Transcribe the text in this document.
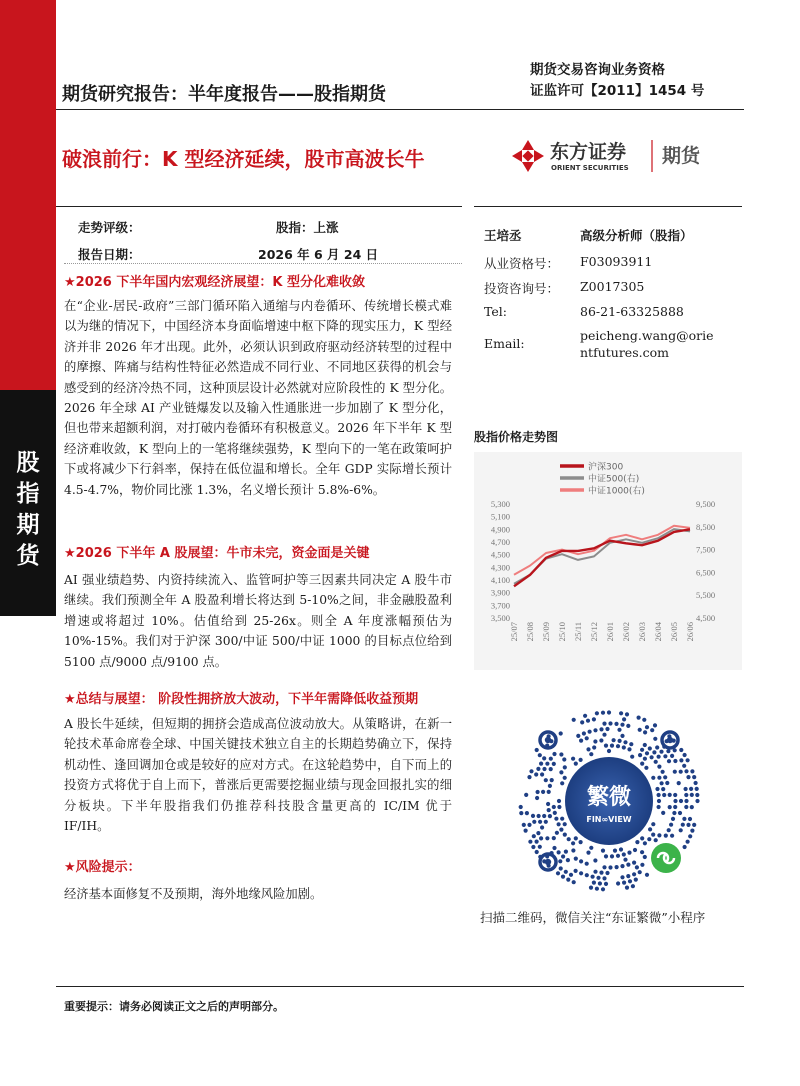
股
指
期
货
期货交易咨询业务资格
证监许可【2011】1454 号
期货研究报告：半年度报告——股指期货
破浪前行：K 型经济延续，股市高波长牛	东方证券
ORIENT SECURITIES
期货
走势评级：	股指：上涨
报告日期：	2026 年 6 月 24 日
★2026 下半年国内宏观经济展望：K 型分化难收敛

在“企业-居民-政府”三部门循环陷入通缩与内卷循环、传统增长模式难以为继的情况下，中国经济本身面临增速中枢下降的现实压力，K 型经济并非 2026 年才出现。此外，必须认识到政府驱动经济转型的过程中的摩擦、阵痛与结构性特征必然造成不同行业、不同地区获得的机会与感受到的经济冷热不同，这种顶层设计必然就对应阶段性的 K 型分化。2026 年全球 AI 产业链爆发以及输入性通胀进一步加剧了 K 型分化，但也带来超额利润，对打破内卷循环有积极意义。2026 年下半年 K 型经济难收敛，K 型向上的一笔将继续强势，K 型向下的一笔在政策呵护下或将减少下行斜率，保持在低位温和增长。全年 GDP 实际增长预计 4.5-4.7%，物价同比涨 1.3%，名义增长预计 5.8%-6%。

★2026 下半年 A 股展望：牛市未完，资金面是关键

AI 强业绩趋势、内资持续流入、监管呵护等三因素共同决定 A 股牛市继续。我们预测全年 A 股盈利增长将达到 5-10%之间，非金融股盈利增速或将超过 10%。估值给到 25-26x。则全 A 年度涨幅预估为 10%-15%。我们对于沪深 300/中证 500/中证 1000 的目标点位给到 5100 点/9000 点/9100 点。

★总结与展望： 阶段性拥挤放大波动，下半年需降低收益预期

A 股长牛延续，但短期的拥挤会造成高位波动放大。从策略讲，在新一轮技术革命席卷全球、中国关键技术独立自主的长期趋势确立下，保持机动性、逢回调加仓或是较好的应对方式。在这轮趋势中，自下而上的投资方式将优于自上而下，普涨后更需要挖掘业绩与现金回报扎实的细分板块。下半年股指我们仍推荐科技股含量更高的 IC/IM 优于 IF/IH。

★风险提示：

经济基本面修复不及预期，海外地缘风险加剧。

王培丞	高级分析师（股指）
从业资格号： F03093911
投资咨询号： Z0017305
Tel:	86-21-63325888
Email:
peicheng.wang@orientfutures.com
股指价格走势图
3,500
3,700
3,900
4,100
4,300
4,500
4,700
4,900
5,100
5,300
4,500
5,500
6,500
7,500
8,500
9,500
25/07 25/08 25/09 25/10 25/11 25/12 26/01 26/02 26/03 26/04 26/05 26/06
沪深300
中证500(右)
中证1000(右)
繁微
FIN∞VIEW
扫描二维码，微信关注“东证繁微”小程序
重要提示：请务必阅读正文之后的声明部分。
